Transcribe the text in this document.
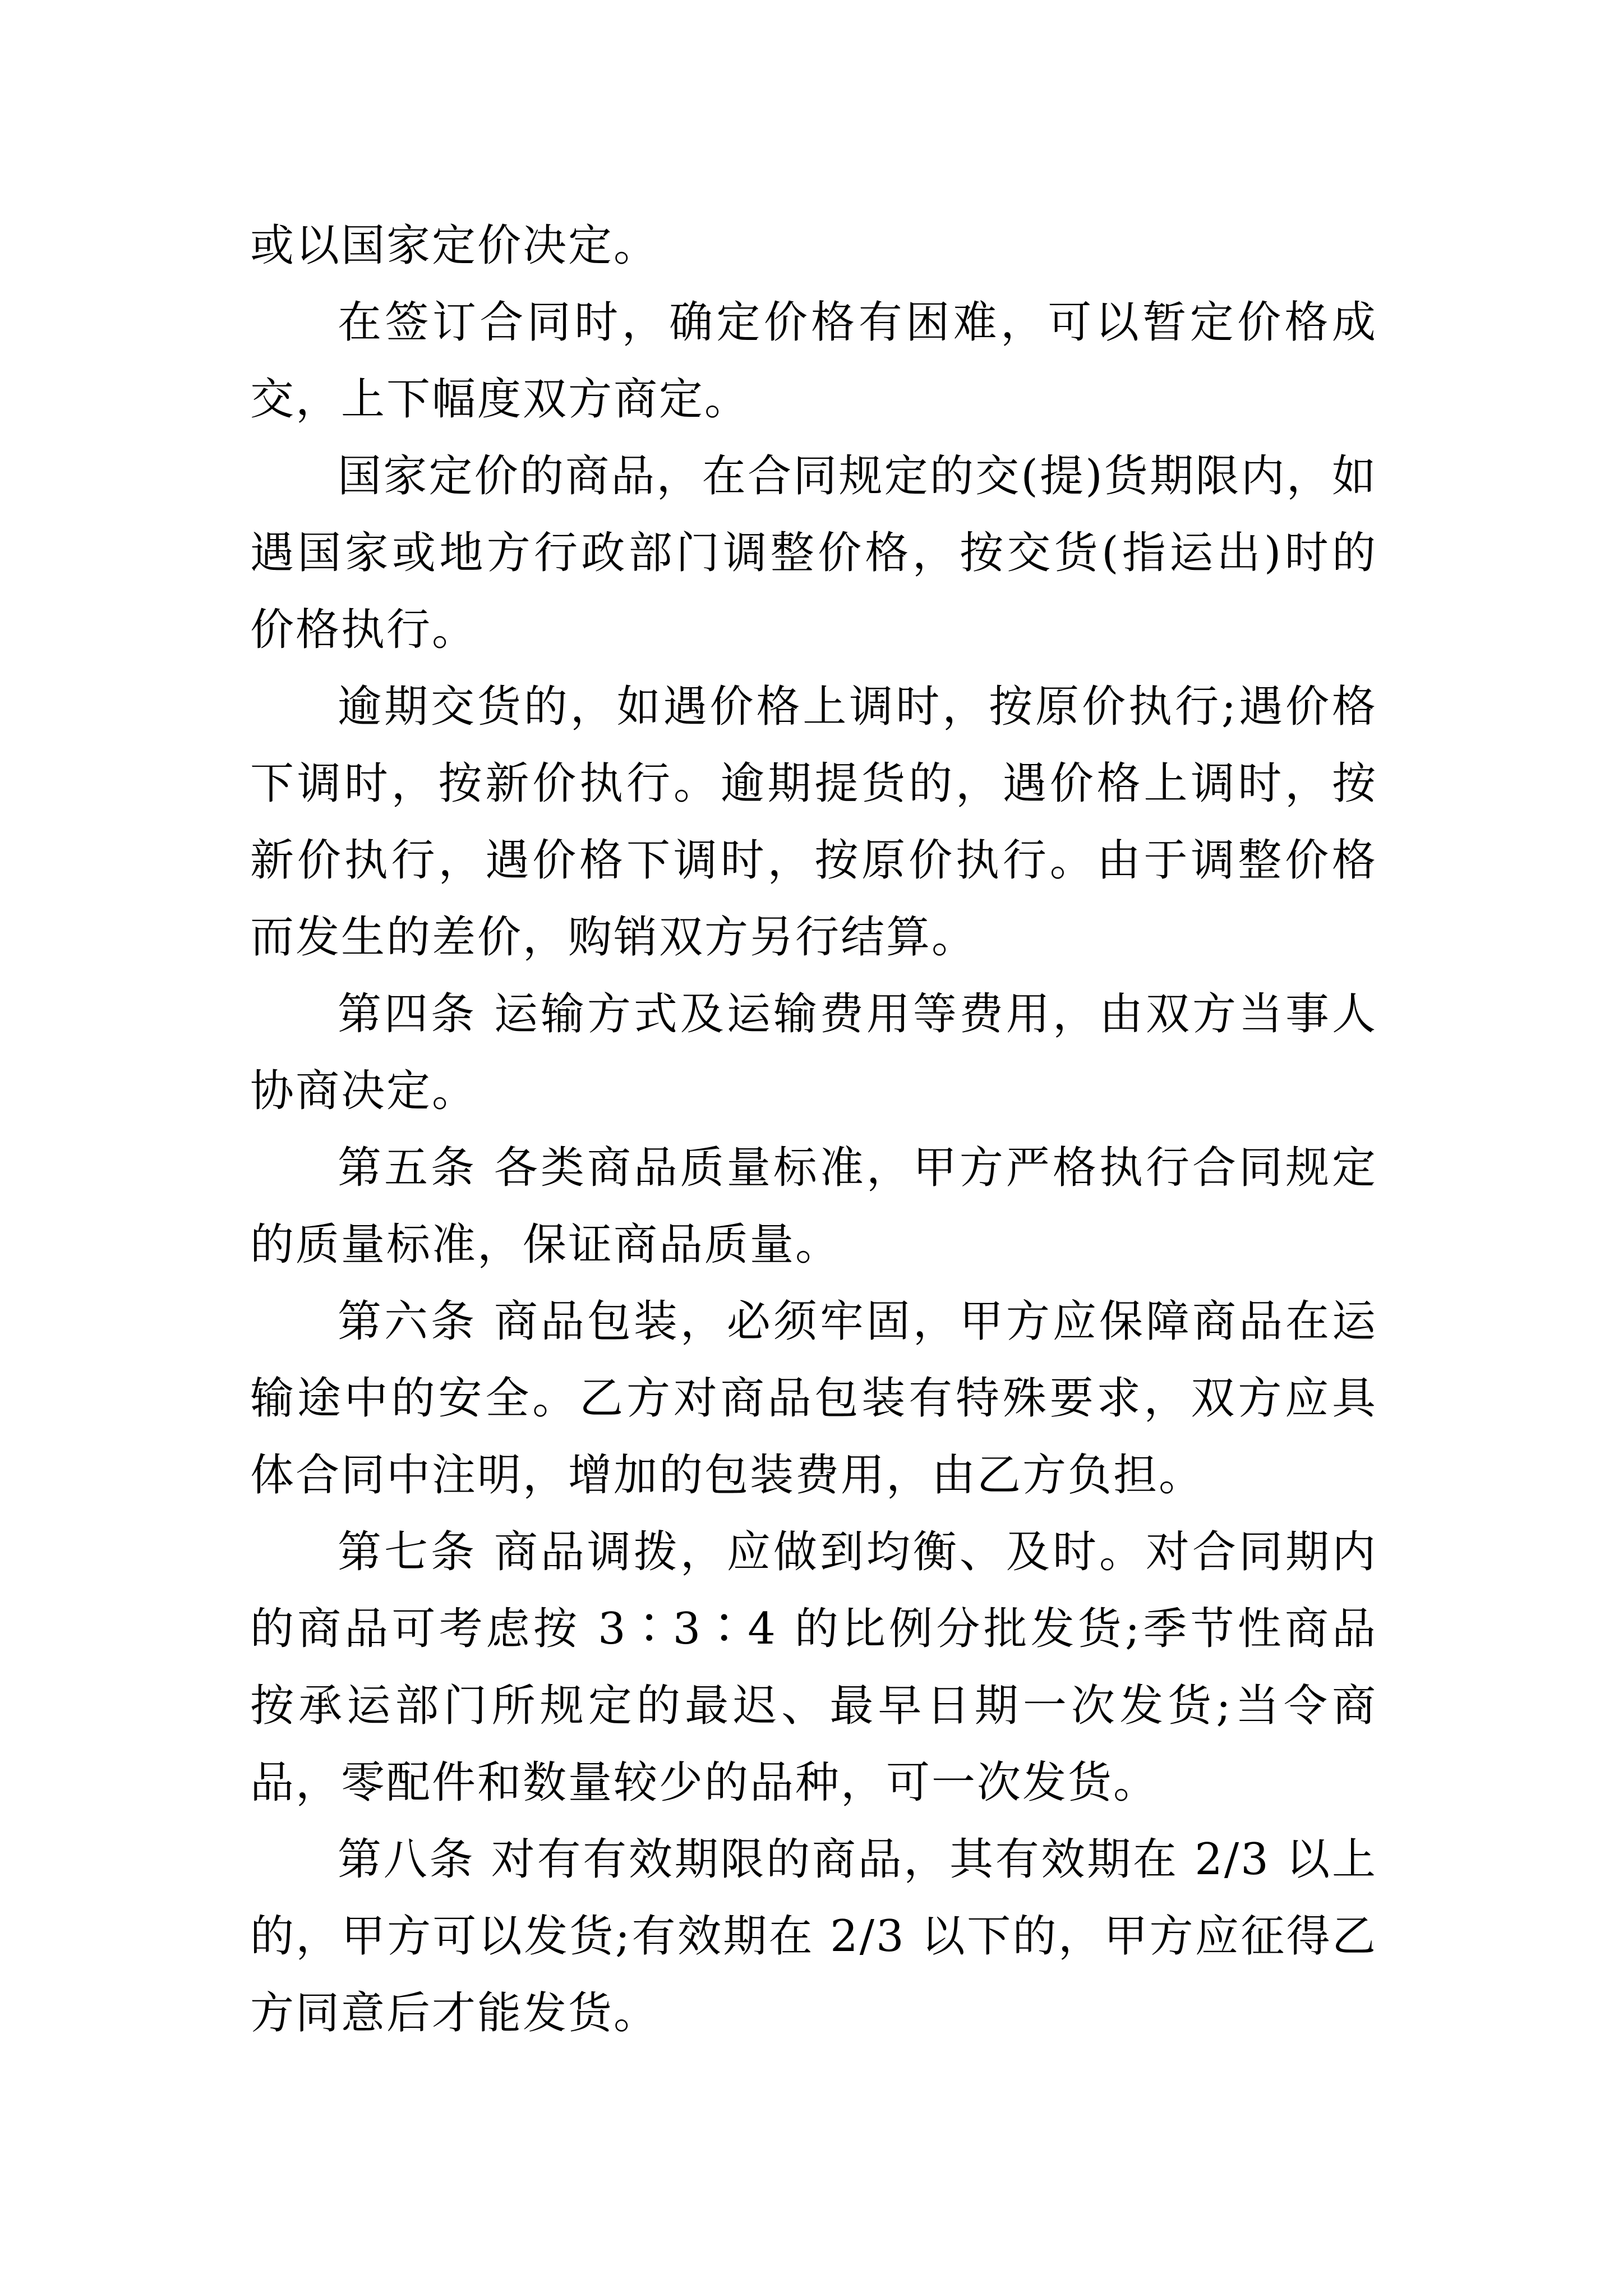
或以国家定价决定。

在签订合同时，确定价格有困难，可以暂定价格成交，上下幅度双方商定。

国家定价的商品，在合同规定的交(提)货期限内，如遇国家或地方行政部门调整价格，按交货(指运出)时的价格执行。

逾期交货的，如遇价格上调时，按原价执行;遇价格下调时，按新价执行。逾期提货的，遇价格上调时，按新价执行，遇价格下调时，按原价执行。由于调整价格而发生的差价，购销双方另行结算。

第四条 运输方式及运输费用等费用，由双方当事人协商决定。

第五条 各类商品质量标准，甲方严格执行合同规定的质量标准，保证商品质量。

第六条 商品包装，必须牢固，甲方应保障商品在运输途中的安全。乙方对商品包装有特殊要求，双方应具体合同中注明，增加的包装费用，由乙方负担。

第七条 商品调拨，应做到均衡、及时。对合同期内的商品可考虑按 3∶3∶4 的比例分批发货;季节性商品按承运部门所规定的最迟、最早日期一次发货;当令商品，零配件和数量较少的品种，可一次发货。

第八条 对有有效期限的商品，其有效期在 2/3 以上的，甲方可以发货;有效期在 2/3 以下的，甲方应征得乙方同意后才能发货。
